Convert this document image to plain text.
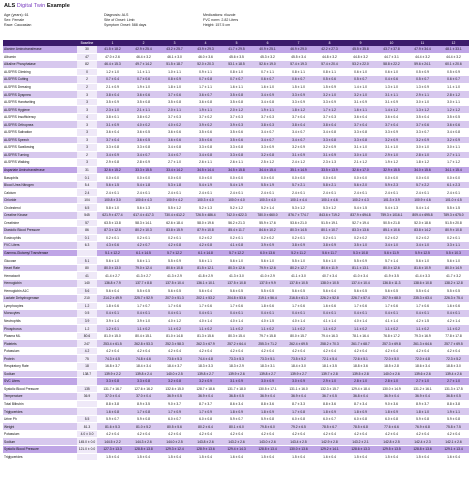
ALS Digital Twin Example
Age (years): 61
Sex: Female
Race: Caucasian
Diagnosis: ALS
Site of Onset: Limb
Symptom Onset: 588 days
Medications: riluzole
FVC norm: 2.82 Liters
Height: 157.5 cm
	Baseline	1	2	3	4	5	6	7	8	9	10	11	12
Alanine Aminotransferase	30	41.5 ± 18.2	42.9 ± 25.4	43.2 ± 25.7	43.9 ± 29.3	41.7 ± 29.5	40.9 ± 25.1	46.9 ± 29.0	42.2 ± 27.3	45.5 ± 35.8	43.7 ± 37.8	47.9 ± 34.4	48.1 ± 33.1
Albumin	47	47.0 ± 2.6	46.4 ± 3.2	46.1 ± 3.0	46.0 ± 3.6	45.6 ± 3.5	45.3 ± 3.2	45.5 ± 3.4	44.8 ± 3.2	44.8 ± 3.2	44.7 ± 3.1	44.4 ± 3.2	44.4 ± 3.2
Alkaline Phosphatase	82	46.4 ± 15.3	49.7 ± 14.2	51.5 ± 18.7	52.0 ± 20.3	53.1 ± 18.5	52.6 ± 19.0	57.4 ± 19.3	57.4 ± 20.4	53.2 ± 22.0	58.8 ± 22.2	59.6 ± 24.1	60.1 ± 20.6
ALSFRS Climbing	0	1.2 ± 1.0	1.1 ± 1.1	1.0 ± 1.1	0.9 ± 1.1	0.8 ± 1.0	0.7 ± 1.1	0.8 ± 1.1	0.8 ± 1.1	0.6 ± 1.0	0.6 ± 1.0	0.5 ± 0.9	0.5 ± 0.9
ALSFRS Cutting	2	0.7 ± 0.4	0.7 ± 0.6	0.8 ± 0.9	0.7 ± 0.8	0.7 ± 0.7	0.6 ± 0.7	0.6 ± 0.7	0.5 ± 0.6	0.5 ± 0.7	0.4 ± 0.6	0.5 ± 0.7	0.6 ± 0.7
ALSFRS Dressing	2	2.1 ± 0.9	1.9 ± 1.0	1.8 ± 1.0	1.7 ± 1.1	1.6 ± 1.1	1.6 ± 1.0	1.5 ± 1.0	1.5 ± 0.9	1.4 ± 1.0	1.3 ± 1.0	1.3 ± 0.9	1.1 ± 1.0
ALSFRS Dyspnea	3	3.8 ± 0.4	3.6 ± 0.6	3.7 ± 0.6	3.6 ± 0.7	3.5 ± 0.8	3.4 ± 0.9	3.3 ± 0.9	3.2 ± 1.0	3.2 ± 1.0	3.1 ± 1.1	2.9 ± 1.1	2.8 ± 1.2
ALSFRS Handwriting	3	3.5 ± 0.9	3.5 ± 0.8	3.5 ± 0.8	3.6 ± 0.8	3.5 ± 0.8	3.4 ± 0.8	3.3 ± 0.9	3.3 ± 0.9	3.1 ± 0.9	3.1 ± 0.9	3.0 ± 1.0	3.0 ± 1.1
ALSFRS Hygiene	3	2.3 ± 1.0	2.1 ± 1.1	2.0 ± 1.1	1.9 ± 1.1	2.0 ± 1.2	1.9 ± 1.1	1.8 ± 1.2	1.7 ± 1.2	1.6 ± 1.1	1.4 ± 1.2	1.3 ± 1.2	1.2 ± 1.2
ALSFRS Insufficiency	4	3.8 ± 0.1	3.8 ± 0.2	3.7 ± 0.3	3.7 ± 0.2	3.7 ± 0.3	3.7 ± 0.3	3.7 ± 0.4	3.7 ± 0.3	3.6 ± 0.4	3.6 ± 0.4	3.5 ± 0.4	3.5 ± 0.5
ALSFRS Orthopnea	3	3.1 ± 0.9	4.0 ± 0.2	4.0 ± 0.2	3.9 ± 0.2	3.9 ± 0.3	3.8 ± 0.3	3.8 ± 0.4	3.8 ± 0.4	3.7 ± 0.4	3.7 ± 0.4	3.7 ± 0.6	3.6 ± 0.6
ALSFRS Salivation	3	3.6 ± 0.4	3.6 ± 0.5	3.6 ± 0.6	3.5 ± 0.6	3.5 ± 0.6	3.4 ± 0.7	3.4 ± 0.7	3.4 ± 0.8	3.3 ± 0.8	3.3 ± 0.9	3.3 ± 0.7	3.4 ± 0.8
ALSFRS Speech	3	3.7 ± 0.4	3.6 ± 0.5	3.6 ± 0.6	3.5 ± 0.6	3.5 ± 0.6	3.4 ± 0.7	3.4 ± 0.7	3.3 ± 0.8	3.3 ± 0.8	3.2 ± 0.9	3.2 ± 0.9	3.2 ± 0.9
ALSFRS Swallowing	3	3.3 ± 0.8	3.3 ± 0.8	3.4 ± 0.8	3.3 ± 0.8	3.3 ± 0.8	3.3 ± 0.9	3.2 ± 0.9	3.2 ± 0.9	3.1 ± 1.0	3.1 ± 1.0	3.0 ± 1.0	3.0 ± 1.1
ALSFRS Turning	2	3.4 ± 0.9	3.4 ± 0.7	3.4 ± 0.7	3.4 ± 0.8	3.3 ± 0.8	3.2 ± 0.8	3.1 ± 0.9	3.1 ± 0.9	3.0 ± 1.0	2.9 ± 1.0	2.8 ± 1.0	2.7 ± 1.1
ALSFRS Walking	3	2.9 ± 0.8	2.8 ± 0.9	2.7 ± 1.0	2.6 ± 1.1	2.6 ± 1.1	2.5 ± 1.2	2.4 ± 1.2	2.3 ± 1.3	2.1 ± 1.2	1.9 ± 1.2	1.8 ± 1.2	1.7 ± 1.2
Aspartate Aminotransferase	31	32.6 ± 15.2	33.3 ± 15.5	33.4 ± 14.2	34.5 ± 14.4	34.5 ± 15.8	34.4 ± 15.4	35.1 ± 14.9	33.5 ± 13.9	32.6 ± 17.0	32.9 ± 15.5	34.0 ± 15.6	34.1 ± 15.4
Basophils	0.1	0.0 ± 0.0	0.0 ± 0.0	0.0 ± 0.0	0.0 ± 0.0	0.0 ± 0.0	0.0 ± 0.0	0.0 ± 0.0	0.0 ± 0.0	0.0 ± 0.0	0.0 ± 0.0	0.0 ± 0.0	0.0 ± 0.0
Blood Urea Nitrogen	5.4	5.6 ± 1.5	5.4 ± 1.8	5.3 ± 1.8	5.4 ± 1.9	5.4 ± 1.9	5.5 ± 1.9	5.7 ± 2.1	5.8 ± 2.1	5.6 ± 2.0	5.9 ± 2.3	5.7 ± 2.2	6.1 ± 2.3
Calcium	2.4	2.4 ± 0.1	2.4 ± 0.1	2.4 ± 0.1	2.4 ± 0.1	2.4 ± 0.1	2.4 ± 0.1	2.4 ± 0.1	2.4 ± 0.1	2.4 ± 0.1	2.4 ± 0.1	2.4 ± 0.1	2.4 ± 0.1
Chloride	104	100.8 ± 3.0	100.6 ± 4.3	100.9 ± 4.2	100.3 ± 4.0	100.0 ± 4.0	100.3 ± 4.0	100.1 ± 4.4	100.1 ± 4.6	100.2 ± 4.3	101.3 ± 3.9	100.9 ± 4.6	101.0 ± 4.5
Cholesterol	6.5	5.8 ± 1.0	5.6 ± 1.3	5.5 ± 1.2	5.2 ± 1.3	5.2 ± 1.2	5.2 ± 1.4	5.3 ± 1.2	5.3 ± 1.2	5.4 ± 1.5	5.4 ± 1.3	5.4 ± 1.4	5.5 ± 1.5
Creatine Kinase	545	621.9 ± 477.4	617.4 ± 417.3	730.4 ± 612.2	726.5 ± 486.4	742.0 ± 622.3	780.0 ± 660.0	876.7 ± 774.7	843.6 ± 719.2	837.9 ± 694.8	759.3 ± 1016.1	809.4 ± 695.8	789.3 ± 675.0
Creatinine	57	63.5 ± 13.8	58.3 ± 14.1	62.6 ± 18.4	58.0 ± 19.6	56.2 ± 21.3	55.9 ± 17.6	53.6 ± 21.0	51.5 ± 19.1	52.7 ± 19.4	50.5 ± 21.8	52.0 ± 18.6	51.5 ± 20.8
Diastolic Blood Pressure	86	87.3 ± 12.6	80.2 ± 10.3	83.8 ± 15.9	87.9 ± 10.8	85.4 ± 11.7	84.6 ± 10.2	80.3 ± 14.5	80.1 ± 10.7	83.3 ± 13.6	85.1 ± 10.6	83.8 ± 14.2	80.9 ± 10.8
Eosinophils	0.1	0.2 ± 0.1	0.2 ± 0.1	0.2 ± 0.1	0.2 ± 0.2	0.2 ± 0.1	0.2 ± 0.2	0.2 ± 0.1	0.2 ± 0.1	0.2 ± 0.2	0.2 ± 0.2	0.2 ± 0.2	0.2 ± 0.1
FVC Liters	6.3	4.3 ± 0.6	4.2 ± 0.7	4.2 ± 0.8	4.2 ± 0.8	4.1 ± 0.8	3.9 ± 0.9	3.8 ± 0.9	3.8 ± 0.9	3.5 ± 1.0	3.4 ± 1.0	3.4 ± 1.0	3.3 ± 1.1
Gamma-Glutamyl Transferase		5.1 ± 12.2	6.1 ± 14.5	5.7 ± 12.2	6.1 ± 14.8	5.7 ± 12.2	6.0 ± 13.6	5.2 ± 11.2	5.6 ± 11.7	5.3 ± 10.8	5.6 ± 11.9	5.9 ± 12.5	5.5 ± 10.3
Glucose	5.1	5.6 ± 1.0	5.6 ± 1.1	5.5 ± 0.9	5.6 ± 1.1	5.6 ± 1.0	5.6 ± 1.0	5.5 ± 1.0	5.6 ± 1.0	5.5 ± 0.9	5.7 ± 1.4	5.6 ± 1.0	5.6 ± 1.0
Heart Rate	80	80.0 ± 13.0	79.0 ± 12.4	80.6 ± 10.8	81.5 ± 12.1	80.3 ± 12.6	79.9 ± 12.6	80.2 ± 12.7	80.6 ± 11.9	81.1 ± 13.1	80.0 ± 12.6	81.6 ± 10.9	80.0 ± 14.9
Hematocrit	41	41.4 ± 2.7	41.3 ± 2.7	41.3 ± 2.9	41.8 ± 2.9	41.3 ± 3.0	41.0 ± 2.9	41.1 ± 3.0	40.7 ± 3.4	41.0 ± 3.4	41.9 ± 3.5	41.4 ± 3.3	41.7 ± 3.2
Hemoglobin	140	136.8 ± 7.9	137.7 ± 8.8	137.5 ± 10.4	136.1 ± 10.1	137.5 ± 10.8	137.5 ± 9.9	137.8 ± 10.5	138.0 ± 10.5	137.4 ± 10.4	136.8 ± 11.3	138.6 ± 10.8	138.2 ± 12.8
Hemoglobin A1C	5.6	5.6 ± 0.4	5.5 ± 0.5	5.6 ± 0.5	5.6 ± 0.4	5.6 ± 0.5	5.5 ± 0.5	5.6 ± 0.5	5.6 ± 0.4	5.6 ± 0.5	5.6 ± 0.5	5.5 ± 0.4	5.5 ± 0.5
Lactate Dehydrogenase	210	214.2 ± 49.9	225.7 ± 52.9	207.0 ± 51.3	202.1 ± 53.2	204.8 ± 53.6	219.1 ± 56.4	216.8 ± 61.3	226.2 ± 52.8	226.7 ± 57.4	207.9 ± 68.0	235.3 ± 63.4	226.3 ± 75.4
Lymphocytes	1.2	1.8 ± 0.6	1.7 ± 0.7	1.7 ± 0.6	1.7 ± 0.6	1.7 ± 0.6	1.8 ± 0.6	1.7 ± 0.6	1.6 ± 0.6	1.7 ± 0.6	1.7 ± 0.6	1.7 ± 0.6	1.6 ± 0.6
Monocytes	0.5	0.4 ± 0.1	0.4 ± 0.1	0.4 ± 0.1	0.4 ± 0.1	0.4 ± 0.1	0.4 ± 0.1	0.4 ± 0.1	0.4 ± 0.1	0.4 ± 0.1	0.4 ± 0.1	0.4 ± 0.1	0.4 ± 0.1
Neutrophils	3.9	3.9 ± 1.4	3.9 ± 1.0	4.0 ± 1.2	4.0 ± 1.4	4.0 ± 1.4	4.0 ± 1.5	4.0 ± 1.4	4.1 ± 1.4	4.0 ± 1.4	4.1 ± 1.4	4.2 ± 1.5	4.2 ± 1.4
Phosphorus	1.2	1.2 ± 0.1	1.1 ± 0.2	1.1 ± 0.2	1.1 ± 0.2	1.1 ± 0.2	1.1 ± 0.2	1.1 ± 0.2	1.1 ± 0.2	1.1 ± 0.2	1.1 ± 0.2	1.1 ± 0.2	1.1 ± 0.2
Plasma ML	80.6	81.0 ± 15.0	80.4 ± 15.1	81.0 ± 14.8	81.3 ± 15.6	80.3 ± 15.4	79.7 ± 15.8	80.0 ± 15.7	79.4 ± 16.3	78.1 ± 16.4	76.8 ± 17.2	79.3 ± 16.9	77.8 ± 17.8
Platelets	247	253.4 ± 61.5	262.8 ± 53.3	252.3 ± 58.3	262.3 ± 67.9	257.2 ± 64.4	255.3 ± 71.2	262.4 ± 69.5	258.2 ± 70.3	261.7 ± 68.7	257.3 ± 69.8	261.3 ± 64.6	257.7 ± 69.5
Potassium	4.2	4.2 ± 0.4	4.2 ± 0.4	4.2 ± 0.4	4.2 ± 0.4	4.2 ± 0.4	4.2 ± 0.4	4.2 ± 0.4	4.2 ± 0.4	4.2 ± 0.4	4.2 ± 0.4	4.2 ± 0.4	4.2 ± 0.4
Protein	75	74.3 ± 4.5	74.8 ± 4.6	73.6 ± 5.3	74.4 ± 4.8	73.3 ± 5.3	73.3 ± 5.1	73.5 ± 5.2	72.1 ± 5.4	72.6 ± 5.1	72.0 ± 5.0	72.0 ± 4.8	72.3 ± 5.2
Respiratory Rate	18	16.8 ± 3.7	18.4 ± 3.4	18.4 ± 3.7	18.3 ± 3.3	18.3 ± 2.9	18.3 ± 3.1	18.4 ± 3.0	18.1 ± 3.5	18.8 ± 3.6	18.5 ± 2.8	18.6 ± 3.4	18.8 ± 3.0
Sodium	138.7	139.9 ± 2.2	139.8 ± 2.4	140.0 ± 2.5	139.8 ± 2.7	139.9 ± 2.6	139.8 ± 2.7	139.9 ± 2.7	139.7 ± 2.8	139.5 ± 2.8	140.0 ± 2.6	139.6 ± 2.6	139.4 ± 2.6
SVC Liters		3.3 ± 0.8	3.3 ± 0.8	3.2 ± 0.8	3.2 ± 0.9	3.1 ± 0.9	3.0 ± 0.9	3.0 ± 0.9	2.9 ± 1.0	2.8 ± 1.0	2.8 ± 1.0	2.7 ± 1.0	2.7 ± 1.0
Systolic Blood Pressure	135	131.7 ± 16.7	127.6 ± 16.2	132.6 ± 15.0	128.7 ± 18.6	131.7 ± 18.0	130.5 ± 17.1	131.1 ± 16.0	132.3 ± 15.7	129.4 ± 18.4	130.0 ± 14.9	131.2 ± 16.1	131.3 ± 17.5
Temperature	36.9	37.0 ± 0.4	37.0 ± 0.4	36.9 ± 0.5	36.9 ± 0.4	36.8 ± 0.5	36.9 ± 0.4	36.9 ± 0.4	36.7 ± 0.5	36.8 ± 0.4	36.9 ± 0.4	36.9 ± 0.4	36.8 ± 0.5
Total Bilirubin		8.8 ± 3.8	8.9 ± 3.5	9.0 ± 3.7	8.7 ± 3.7	8.6 ± 3.4	8.8 ± 3.6	8.7 ± 3.3	8.8 ± 3.6	8.7 ± 3.4	9.0 ± 3.6	8.9 ± 3.7	8.8 ± 3.8
Triglycerides		1.6 ± 0.8	1.7 ± 0.8	1.7 ± 0.9	1.7 ± 0.9	1.8 ± 0.9	1.8 ± 0.9	1.7 ± 0.8	1.8 ± 0.9	1.8 ± 0.9	1.8 ± 0.9	1.8 ± 1.0	1.9 ± 1.1
Urine Ph	5.5	5.9 ± 0.7	5.9 ± 0.8	6.0 ± 0.7	6.0 ± 0.8	5.9 ± 0.7	5.9 ± 0.8	6.0 ± 0.8	6.0 ± 0.7	6.0 ± 0.8	6.0 ± 0.8	5.9 ± 0.8	5.9 ± 0.8
Weight	81.3	81.6 ± 5.3	81.0 ± 5.2	80.5 ± 5.6	80.2 ± 6.4	80.1 ± 6.0	79.8 ± 6.0	79.2 ± 6.5	78.5 ± 6.7	78.5 ± 6.8	77.6 ± 6.6	76.9 ± 6.8	75.8 ± 7.5
Potassium	4.0 ± 0.0	4.2 ± 0.4	4.2 ± 0.4	4.2 ± 0.4	4.2 ± 0.4	4.2 ± 0.4	4.2 ± 0.4	4.2 ± 0.4	4.2 ± 0.4	4.2 ± 0.4	4.2 ± 0.4	4.2 ± 0.4	4.2 ± 0.4
Sodium	145.0 ± 0.0	144.5 ± 2.2	144.3 ± 2.6	144.0 ± 2.5	143.8 ± 2.6	143.2 ± 2.6	143.0 ± 2.6	143.4 ± 2.5	142.9 ± 2.8	143.2 ± 2.1	142.8 ± 2.5	142.4 ± 2.3	142.1 ± 2.6
Systolic Blood Pressure	121.0 ± 0.0	127.3 ± 13.3	128.8 ± 13.8	129.3 ± 12.4	128.9 ± 13.6	129.4 ± 14.3	128.8 ± 13.4	130.0 ± 13.6	129.2 ± 14.1	128.6 ± 13.3	129.5 ± 13.5	128.8 ± 13.6	129.1 ± 13.4
Triglycerides		1.5 ± 0.4	1.5 ± 0.4	1.5 ± 0.4	1.5 ± 0.4	1.6 ± 0.4	1.5 ± 0.4	1.5 ± 0.4	1.6 ± 0.4	1.5 ± 0.4	1.5 ± 0.4	1.5 ± 0.4	1.6 ± 0.4
